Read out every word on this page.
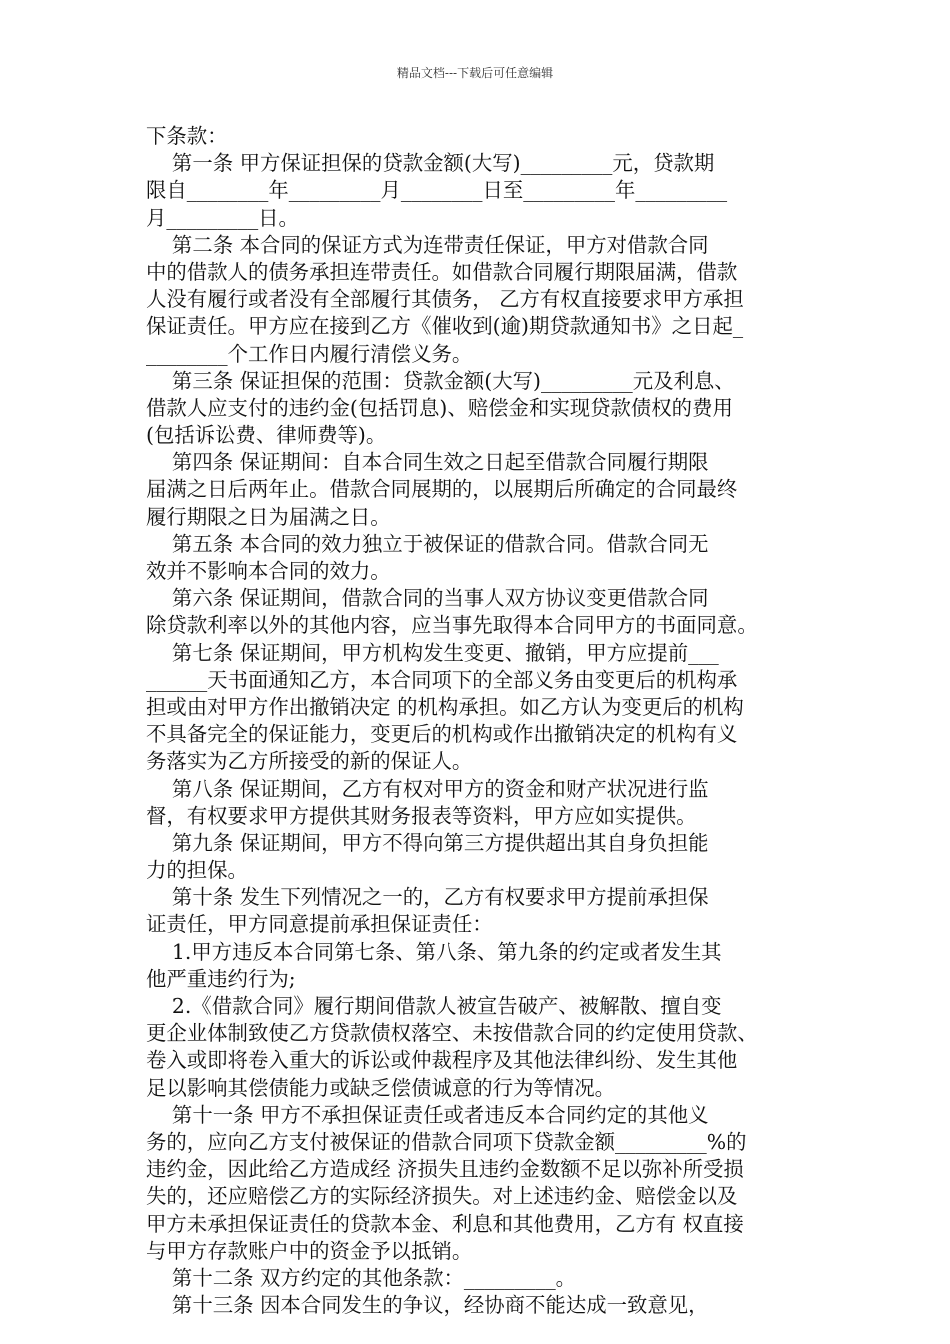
精品文档---下载后可任意编辑
下条款：
第一条 甲方保证担保的贷款金额(大写)_________元，贷款期
限自________年_________月________日至_________年_________
月_________日。
第二条 本合同的保证方式为连带责任保证，甲方对借款合同
中的借款人的债务承担连带责任。如借款合同履行期限届满，借款
人没有履行或者没有全部履行其债务， 乙方有权直接要求甲方承担
保证责任。甲方应在接到乙方《催收到(逾)期贷款通知书》之日起_
________个工作日内履行清偿义务。
第三条 保证担保的范围：贷款金额(大写)_________元及利息、
借款人应支付的违约金(包括罚息)、赔偿金和实现贷款债权的费用
(包括诉讼费、律师费等)。
第四条 保证期间：自本合同生效之日起至借款合同履行期限
届满之日后两年止。借款合同展期的，以展期后所确定的合同最终
履行期限之日为届满之日。
第五条 本合同的效力独立于被保证的借款合同。借款合同无
效并不影响本合同的效力。
第六条 保证期间，借款合同的当事人双方协议变更借款合同
除贷款利率以外的其他内容，应当事先取得本合同甲方的书面同意。
第七条 保证期间，甲方机构发生变更、撤销，甲方应提前___
______天书面通知乙方，本合同项下的全部义务由变更后的机构承
担或由对甲方作出撤销决定 的机构承担。如乙方认为变更后的机构
不具备完全的保证能力，变更后的机构或作出撤销决定的机构有义
务落实为乙方所接受的新的保证人。
第八条 保证期间，乙方有权对甲方的资金和财产状况进行监
督，有权要求甲方提供其财务报表等资料，甲方应如实提供。
第九条 保证期间，甲方不得向第三方提供超出其自身负担能
力的担保。
第十条 发生下列情况之一的，乙方有权要求甲方提前承担保
证责任，甲方同意提前承担保证责任：
1.甲方违反本合同第七条、第八条、第九条的约定或者发生其
他严重违约行为;
2.《借款合同》履行期间借款人被宣告破产、被解散、擅自变
更企业体制致使乙方贷款债权落空、未按借款合同的约定使用贷款、
卷入或即将卷入重大的诉讼或仲裁程序及其他法律纠纷、发生其他
足以影响其偿债能力或缺乏偿债诚意的行为等情况。
第十一条 甲方不承担保证责任或者违反本合同约定的其他义
务的，应向乙方支付被保证的借款合同项下贷款金额_________%的
违约金，因此给乙方造成经 济损失且违约金数额不足以弥补所受损
失的，还应赔偿乙方的实际经济损失。对上述违约金、赔偿金以及
甲方未承担保证责任的贷款本金、利息和其他费用，乙方有 权直接
与甲方存款账户中的资金予以抵销。
第十二条 双方约定的其他条款：_________。
第十三条 因本合同发生的争议，经协商不能达成一致意见，
